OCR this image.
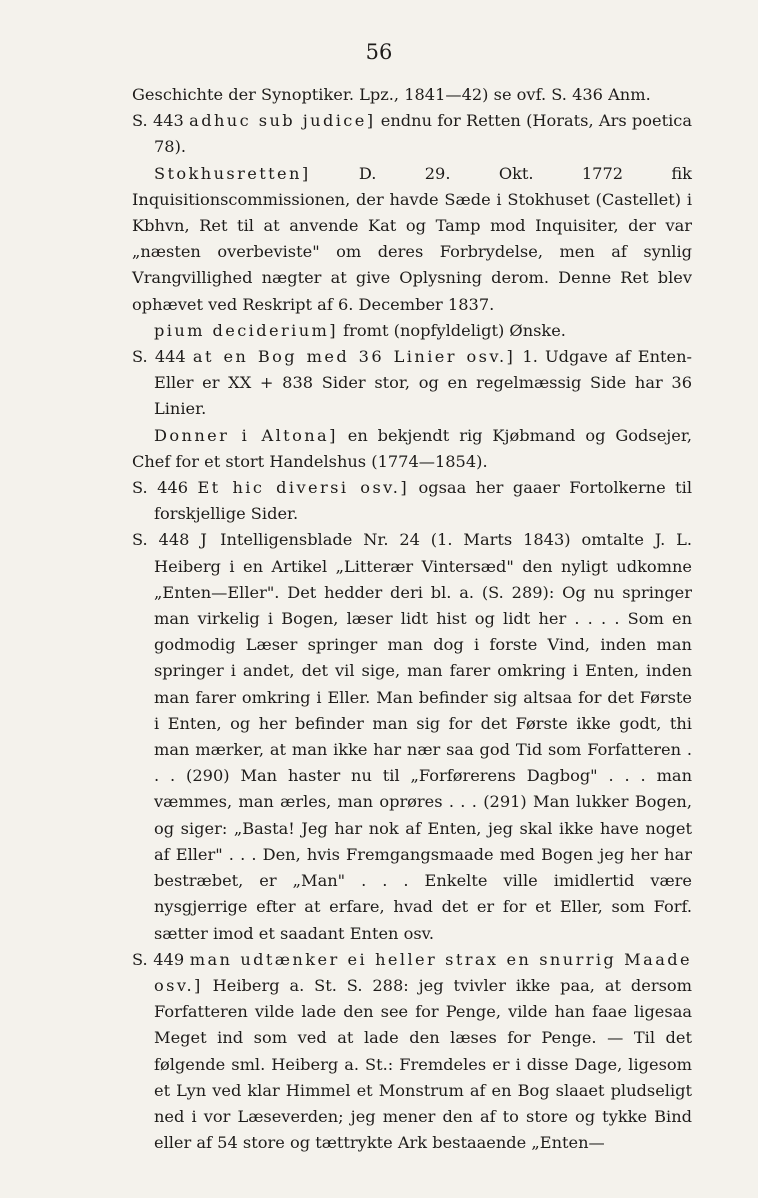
56

Geschichte der Synoptiker. Lpz., 1841—42) se ovf. S. 436 Anm.

S. 443 adhuc sub judice] endnu for Retten (Horats, Ars poetica 78).

Stokhusretten]	D. 29. Okt. 1772 fik Inquisitionscommissionen, der havde Sæde i Stokhuset (Castellet) i Kbhvn, Ret til at anvende Kat og Tamp mod Inquisiter, der var „næsten overbeviste" om deres Forbrydelse, men af synlig Vrangvillighed nægter at give Oplysning derom. Denne Ret blev ophævet ved Reskript af 6. December 1837.

pium deciderium] fromt (nopfyldeligt) Ønske.

S. 444 at en Bog med 36 Linier osv.] 1. Udgave af Enten-Eller er XX + 838 Sider stor, og en regelmæssig Side har 36 Linier.

Donner i Altona] en bekjendt rig Kjøbmand og Godsejer, Chef for et stort Handelshus (1774—1854).

S. 446 Et hic diversi osv.] ogsaa her gaaer Fortolkerne til forskjellige Sider.

S. 448 J Intelligensblade Nr. 24 (1. Marts 1843) omtalte J. L. Heiberg i en Artikel „Litterær Vintersæd" den nyligt udkomne „Enten—Eller". Det hedder deri bl. a. (S. 289): Og nu springer man virkelig i Bogen, læser lidt hist og lidt her . . . . Som en godmodig Læser springer man dog i forste Vind, inden man springer i andet, det vil sige, man farer omkring i Enten, inden man farer omkring i Eller. Man befinder sig altsaa for det Første i Enten, og her befinder man sig for det Første ikke godt, thi man mærker, at man ikke har nær saa god Tid som Forfatteren . . . (290) Man haster nu til „Forførerens Dagbog" . . . man væmmes, man ærles, man oprøres . . . (291) Man lukker Bogen, og siger: „Basta! Jeg har nok af Enten, jeg skal ikke have noget af Eller" . . . Den, hvis Fremgangsmaade med Bogen jeg her har bestræbet, er „Man" . . . Enkelte ville imidlertid være nysgjerrige efter at erfare, hvad det er for et Eller, som Forf. sætter imod et saadant Enten osv.

S. 449 man udtænker ei heller strax en snurrig Maade osv.] Heiberg a. St. S. 288: jeg tvivler ikke paa, at dersom Forfatteren vilde lade den see for Penge, vilde han faae ligesaa Meget ind som ved at lade den læses for Penge. — Til det følgende sml. Heiberg a. St.: Fremdeles er i disse Dage, ligesom et Lyn ved klar Himmel et Monstrum af en Bog slaaet pludseligt ned i vor Læseverden; jeg mener den af to store og tykke Bind eller af 54 store og tættrykte Ark bestaaende „Enten—
